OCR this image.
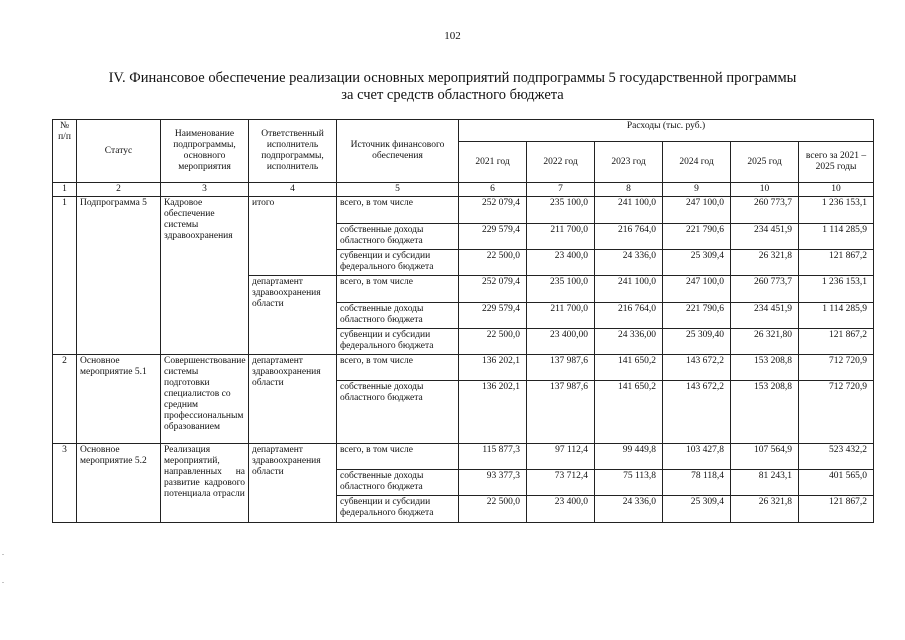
102
IV. Финансовое обеспечение реализации основных мероприятий подпрограммы 5 государственной программы
за счет средств областного бюджета
№ п/п	Статус	Наименование подпрограммы, основного мероприятия	Ответственный исполнитель подпрограммы, исполнитель	Источник финансового обеспечения	Расходы (тыс. руб.)					
					2021 год	2022 год	2023 год	2024 год	2025 год	всего за 2021 – 2025 годы
1	2	3	4	5	6	7	8	9	10	10
1	Подпрограмма 5	Кадровое обеспечение системы здравоохранения	итого	всего, в том числе	252 079,4	235 100,0	241 100,0	247 100,0	260 773,7	1 236 153,1
				собственные доходы областного бюджета	229 579,4	211 700,0	216 764,0	221 790,6	234 451,9	1 114 285,9
				субвенции и субсидии федерального бюджета	22 500,0	23 400,0	24 336,0	25 309,4	26 321,8	121 867,2
			департамент здравоохранения области	всего, в том числе	252 079,4	235 100,0	241 100,0	247 100,0	260 773,7	1 236 153,1
				собственные доходы областного бюджета	229 579,4	211 700,0	216 764,0	221 790,6	234 451,9	1 114 285,9
				субвенции и субсидии федерального бюджета	22 500,0	23 400,00	24 336,00	25 309,40	26 321,80	121 867,2
2	Основное мероприятие 5.1	Совершенствование системы подготовки специалистов со средним профессиональным образованием	департамент здравоохранения области	всего, в том числе	136 202,1	137 987,6	141 650,2	143 672,2	153 208,8	712 720,9
				собственные доходы областного бюджета	136 202,1	137 987,6	141 650,2	143 672,2	153 208,8	712 720,9
3	Основное мероприятие 5.2	Реализация мероприятий, направленных на развитие кадрового потенциала отрасли	департамент здравоохранения области	всего, в том числе	115 877,3	97 112,4	99 449,8	103 427,8	107 564,9	523 432,2
				собственные доходы областного бюджета	93 377,3	73 712,4	75 113,8	78 118,4	81 243,1	401 565,0
				субвенции и субсидии федерального бюджета	22 500,0	23 400,0	24 336,0	25 309,4	26 321,8	121 867,2
.
.
